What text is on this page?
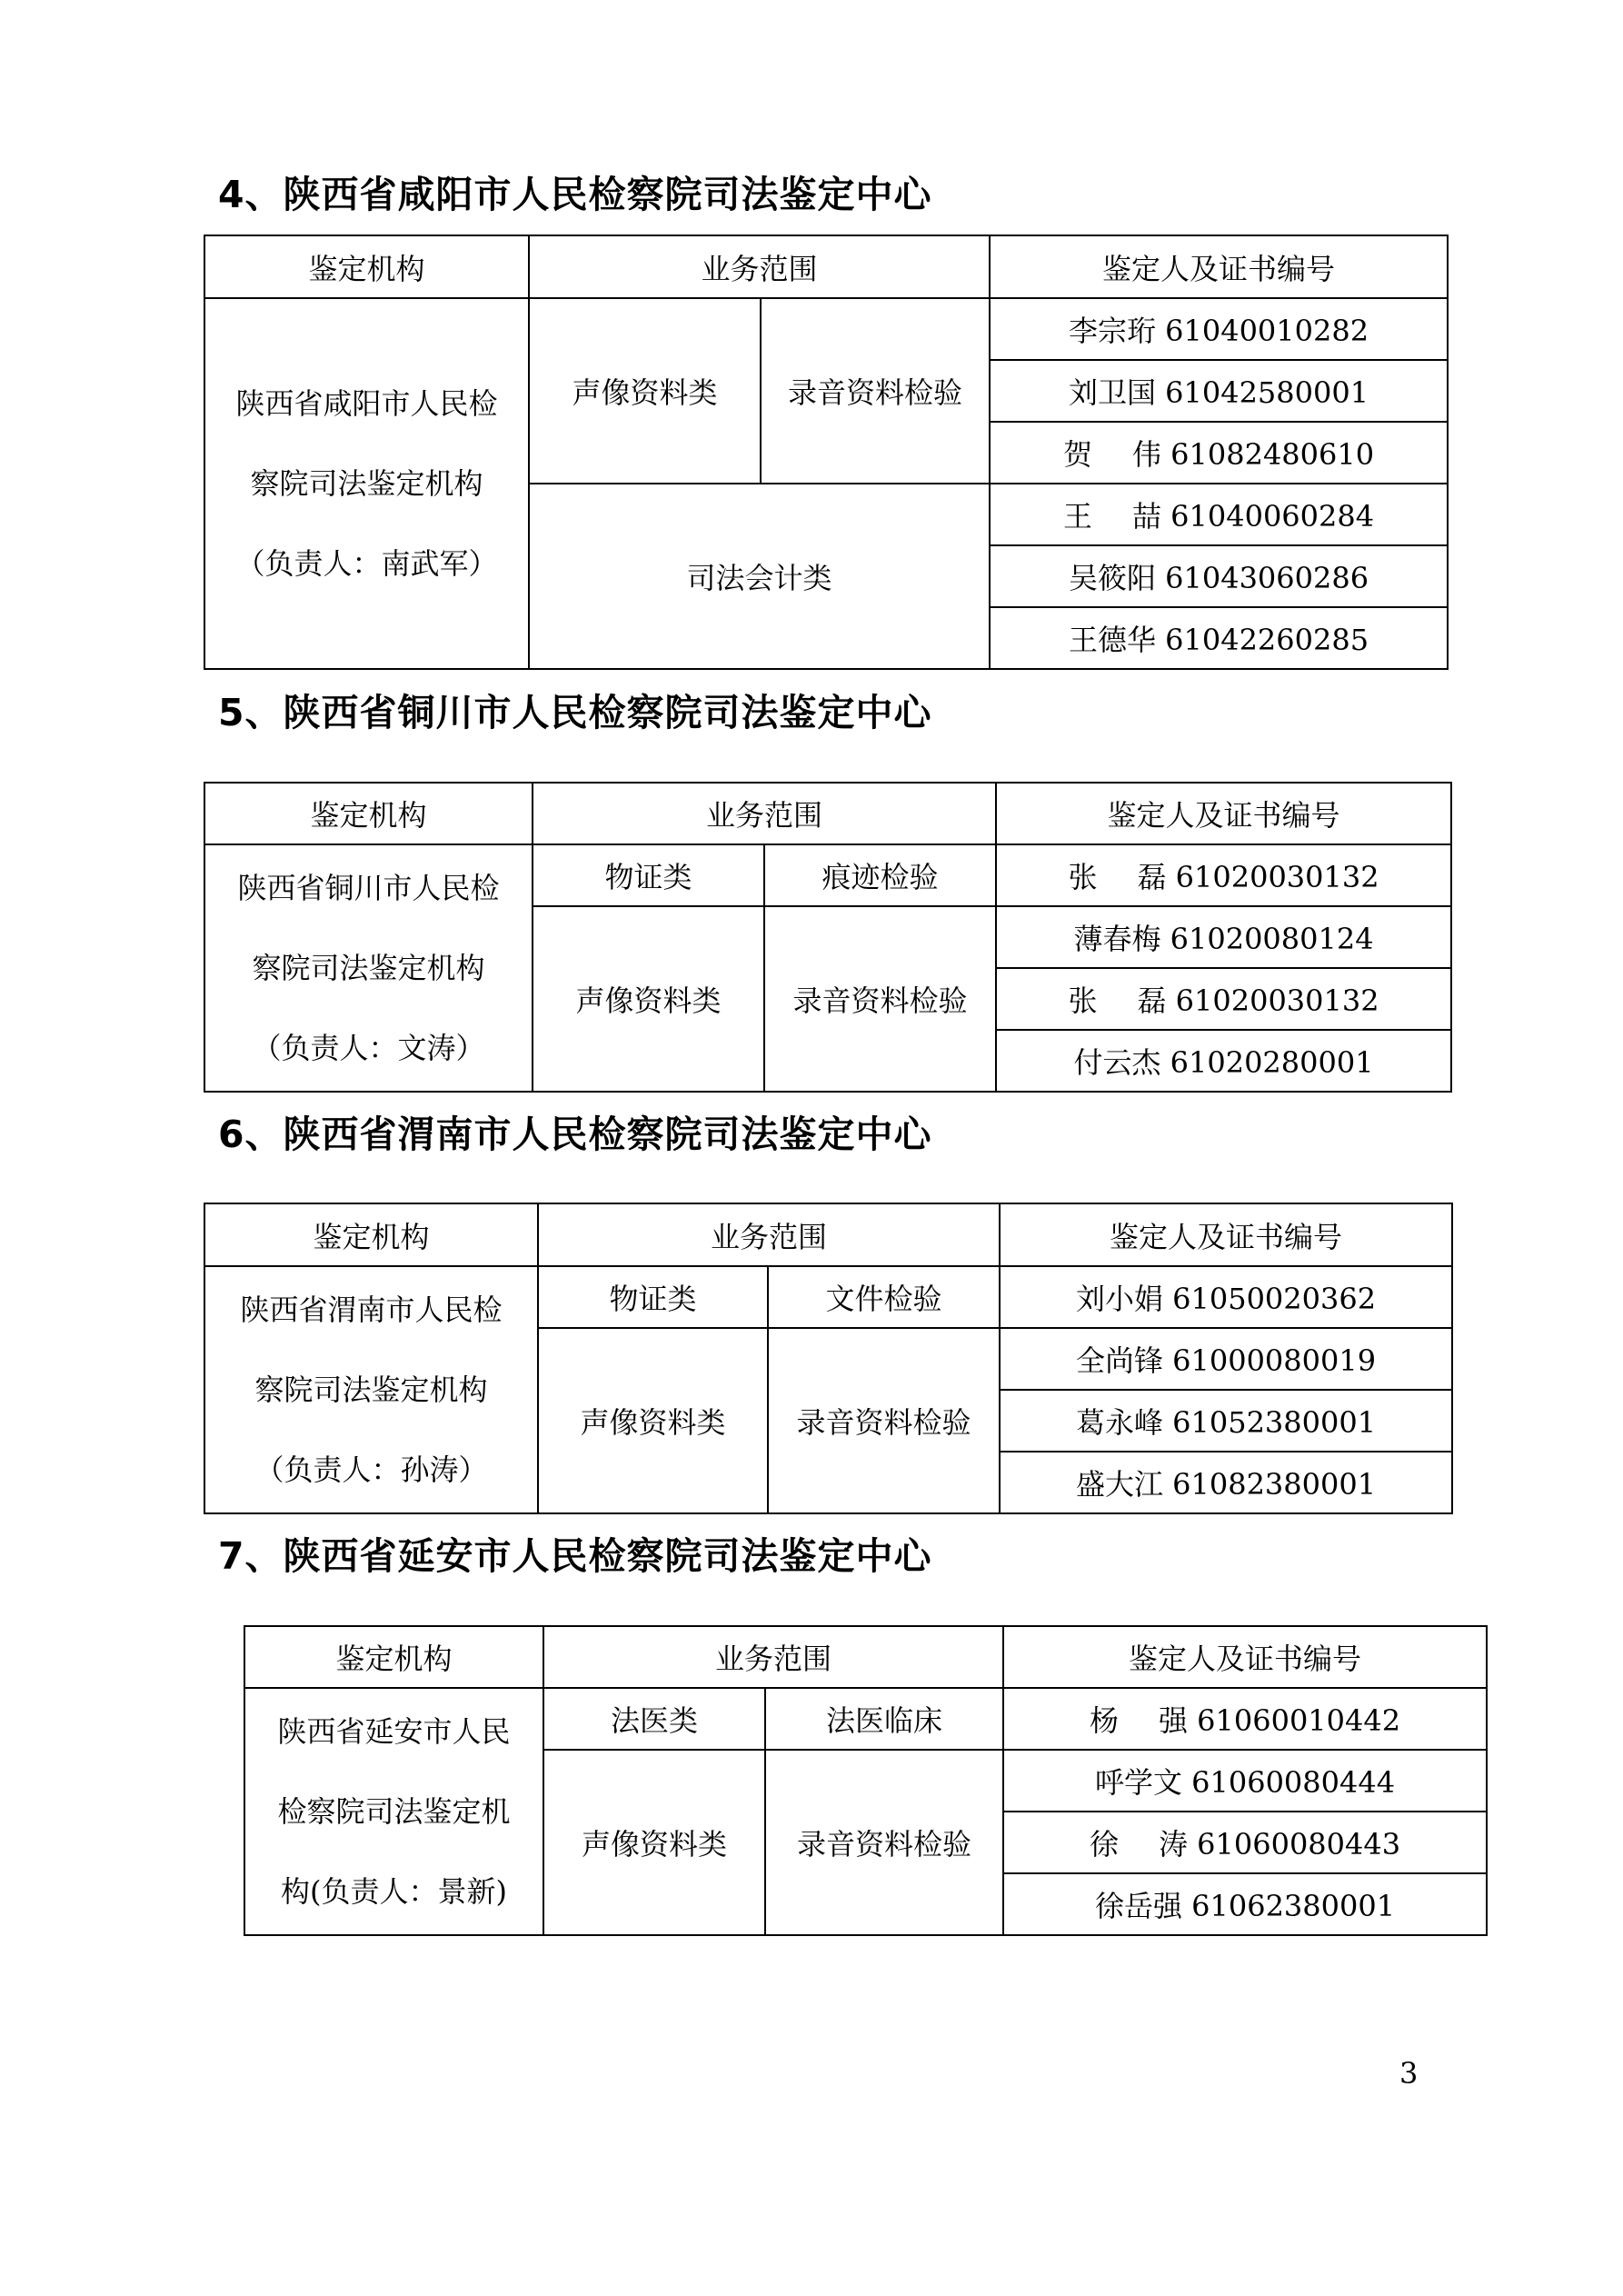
4、陕西省咸阳市人民检察院司法鉴定中心
鉴定机构	业务范围		鉴定人及证书编号

陕西省咸阳市人民检
察院司法鉴定机构
（负责人：南武军）	声像资料类	录音资料检验	李宗珩 61040010282
			刘卫国 61042580001
			贺 伟 61082480610
	司法会计类		王 喆 61040060284
			吴筱阳 61043060286
			王德华 61042260285
5、陕西省铜川市人民检察院司法鉴定中心
鉴定机构	业务范围		鉴定人及证书编号

陕西省铜川市人民检
察院司法鉴定机构
（负责人：文涛）	物证类	痕迹检验	张 磊 61020030132
	声像资料类	录音资料检验	薄春梅 61020080124
			张 磊 61020030132
			付云杰 61020280001
6、陕西省渭南市人民检察院司法鉴定中心
鉴定机构	业务范围		鉴定人及证书编号

陕西省渭南市人民检
察院司法鉴定机构
（负责人：孙涛）	物证类	文件检验	刘小娟 61050020362
	声像资料类	录音资料检验	全尚锋 61000080019
			葛永峰 61052380001
			盛大江 61082380001
7、陕西省延安市人民检察院司法鉴定中心
鉴定机构	业务范围		鉴定人及证书编号

陕西省延安市人民
检察院司法鉴定机
构(负责人：景新)	法医类	法医临床	杨 强 61060010442
	声像资料类	录音资料检验	呼学文 61060080444
			徐 涛 61060080443
			徐岳强 61062380001
3
